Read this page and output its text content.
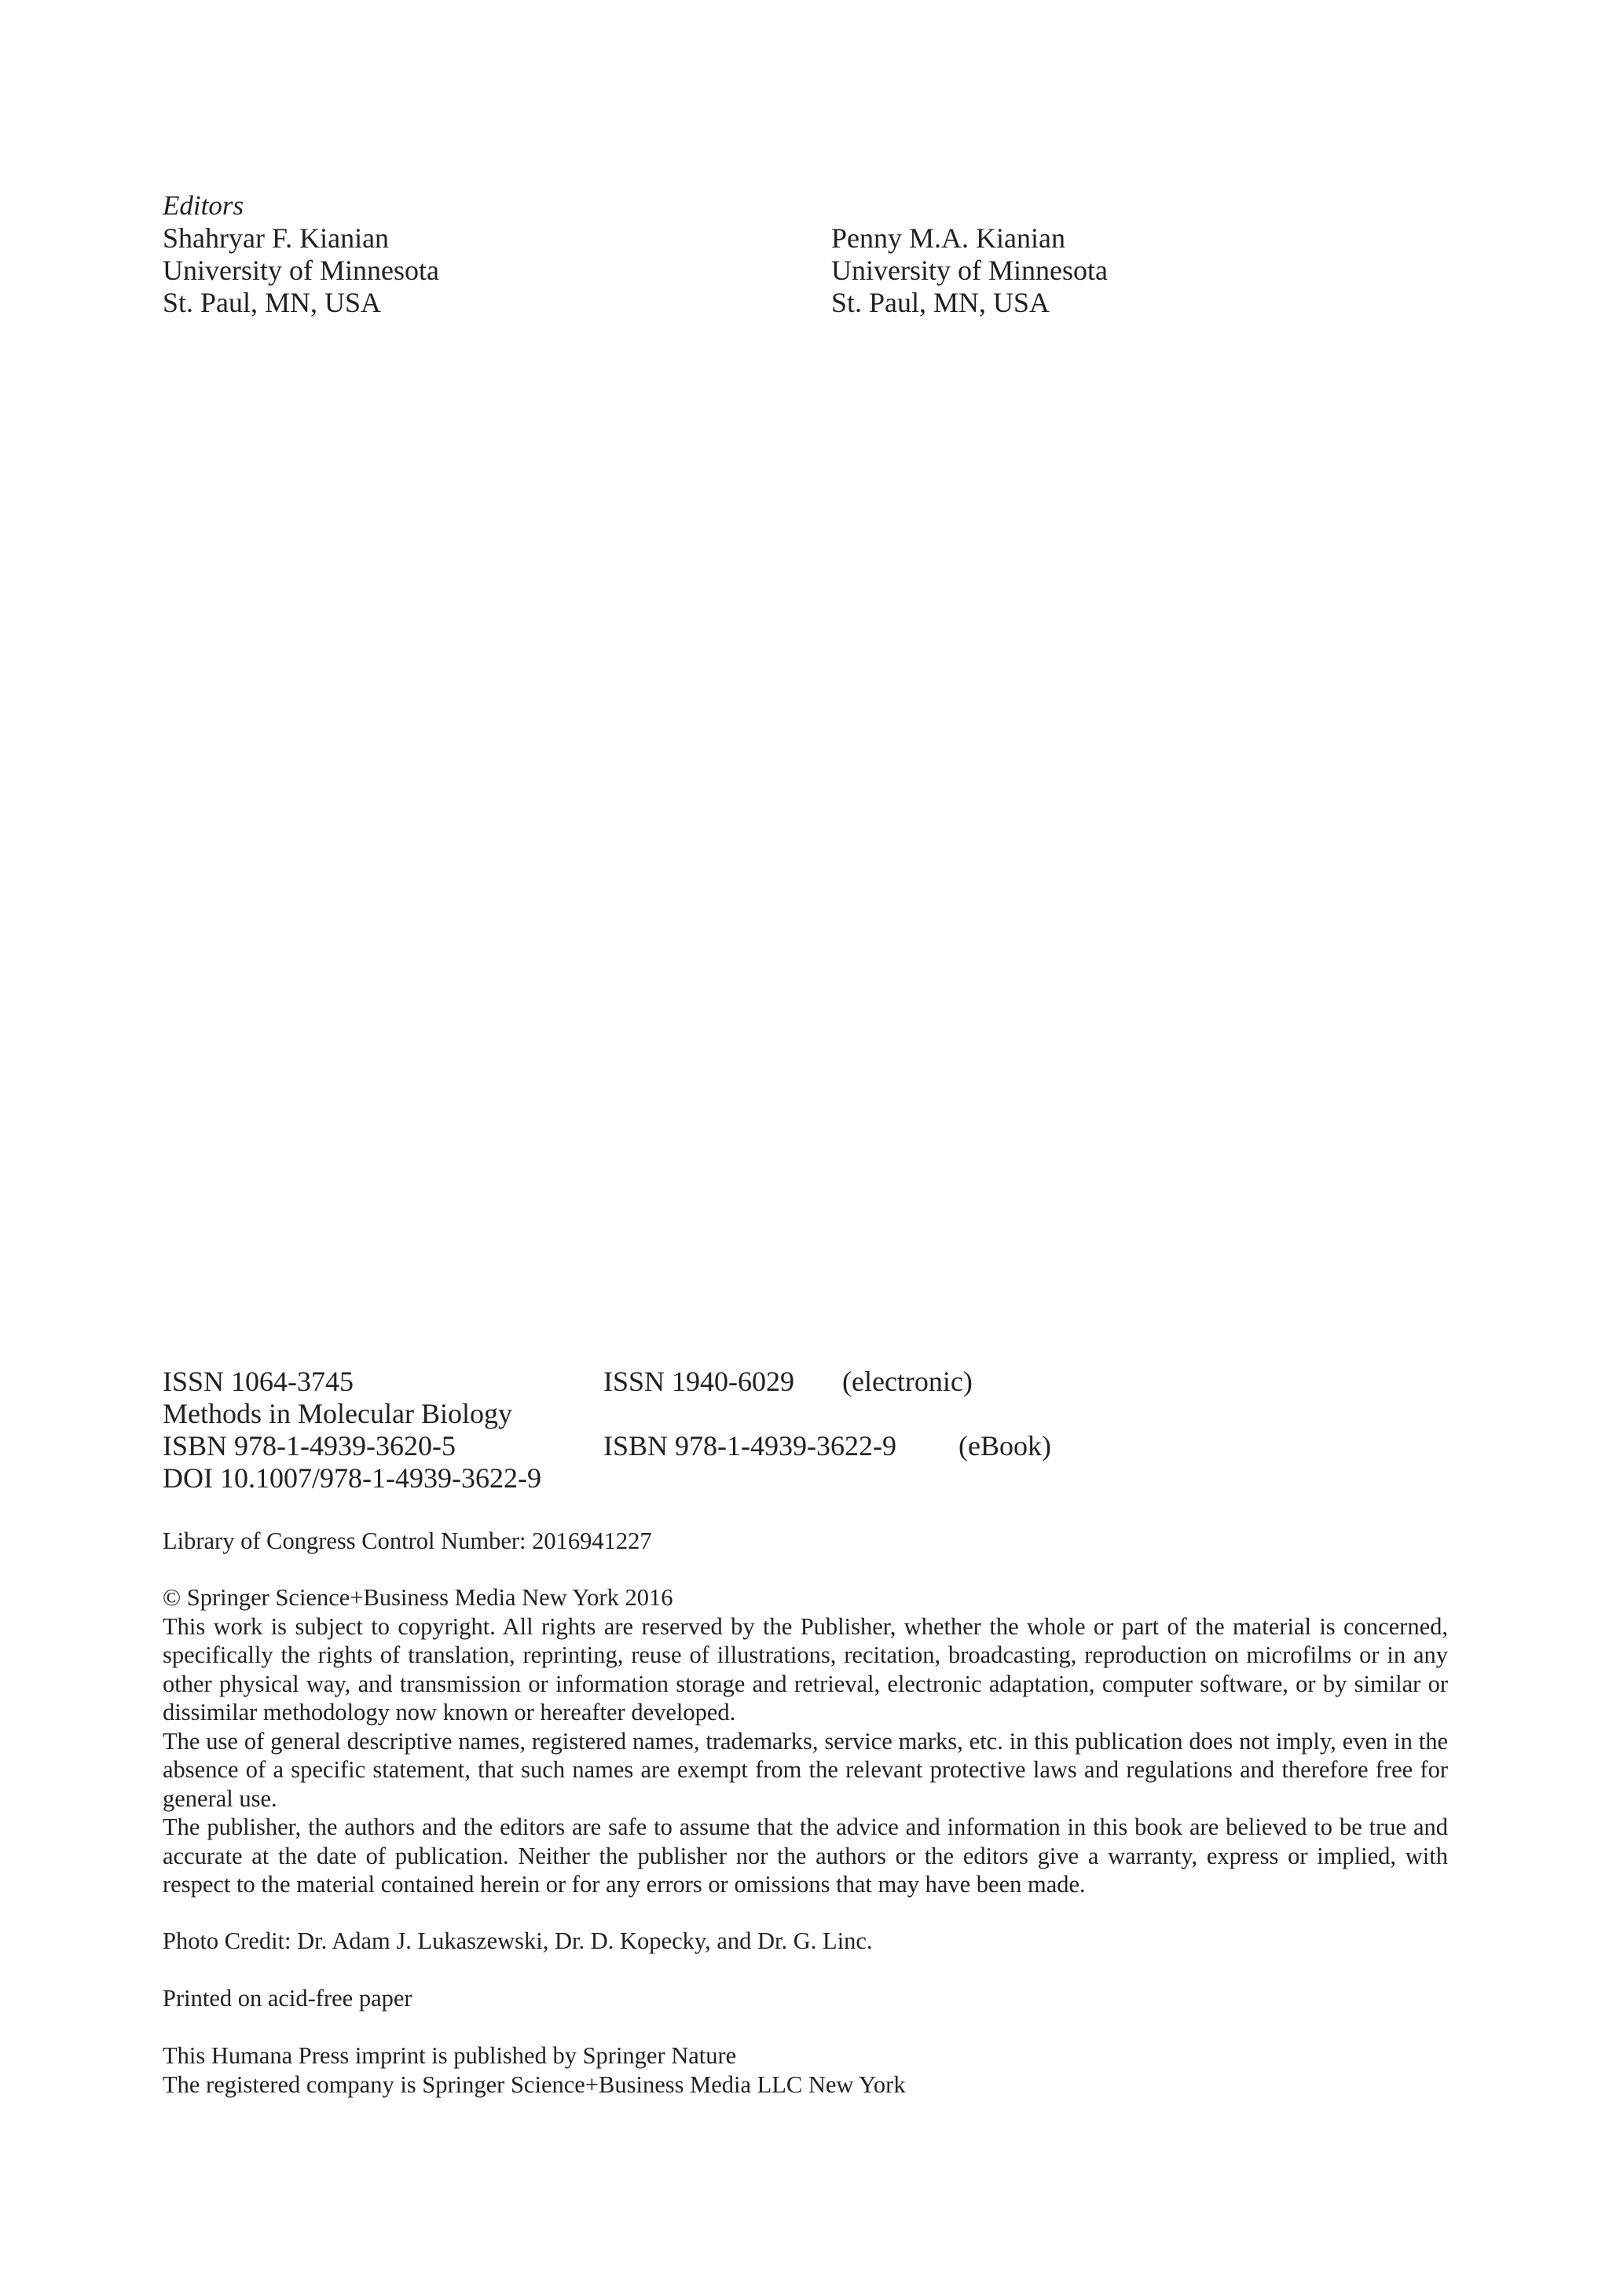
Editors
Shahryar F. Kianian
University of Minnesota
St. Paul, MN, USA
Penny M.A. Kianian
University of Minnesota
St. Paul, MN, USA
ISSN 1064-3745	ISSN 1940-6029 (electronic)
Methods in Molecular Biology
ISBN 978-1-4939-3620-5	ISBN 978-1-4939-3622-9 (eBook)
DOI 10.1007/978-1-4939-3622-9

Library of Congress Control Number: 2016941227

© Springer Science+Business Media New York 2016

This work is subject to copyright. All rights are reserved by the Publisher, whether the whole or part of the material is concerned, specifically the rights of translation, reprinting, reuse of illustrations, recitation, broadcasting, reproduction on microfilms or in any other physical way, and transmission or information storage and retrieval, electronic adaptation, computer software, or by similar or dissimilar methodology now known or hereafter developed.

The use of general descriptive names, registered names, trademarks, service marks, etc. in this publication does not imply, even in the absence of a specific statement, that such names are exempt from the relevant protective laws and regulations and therefore free for general use.

The publisher, the authors and the editors are safe to assume that the advice and information in this book are believed to be true and accurate at the date of publication. Neither the publisher nor the authors or the editors give a warranty, express or implied, with respect to the material contained herein or for any errors or omissions that may have been made.

Photo Credit: Dr. Adam J. Lukaszewski, Dr. D. Kopecky, and Dr. G. Linc.

Printed on acid-free paper

This Humana Press imprint is published by Springer Nature

The registered company is Springer Science+Business Media LLC New York
